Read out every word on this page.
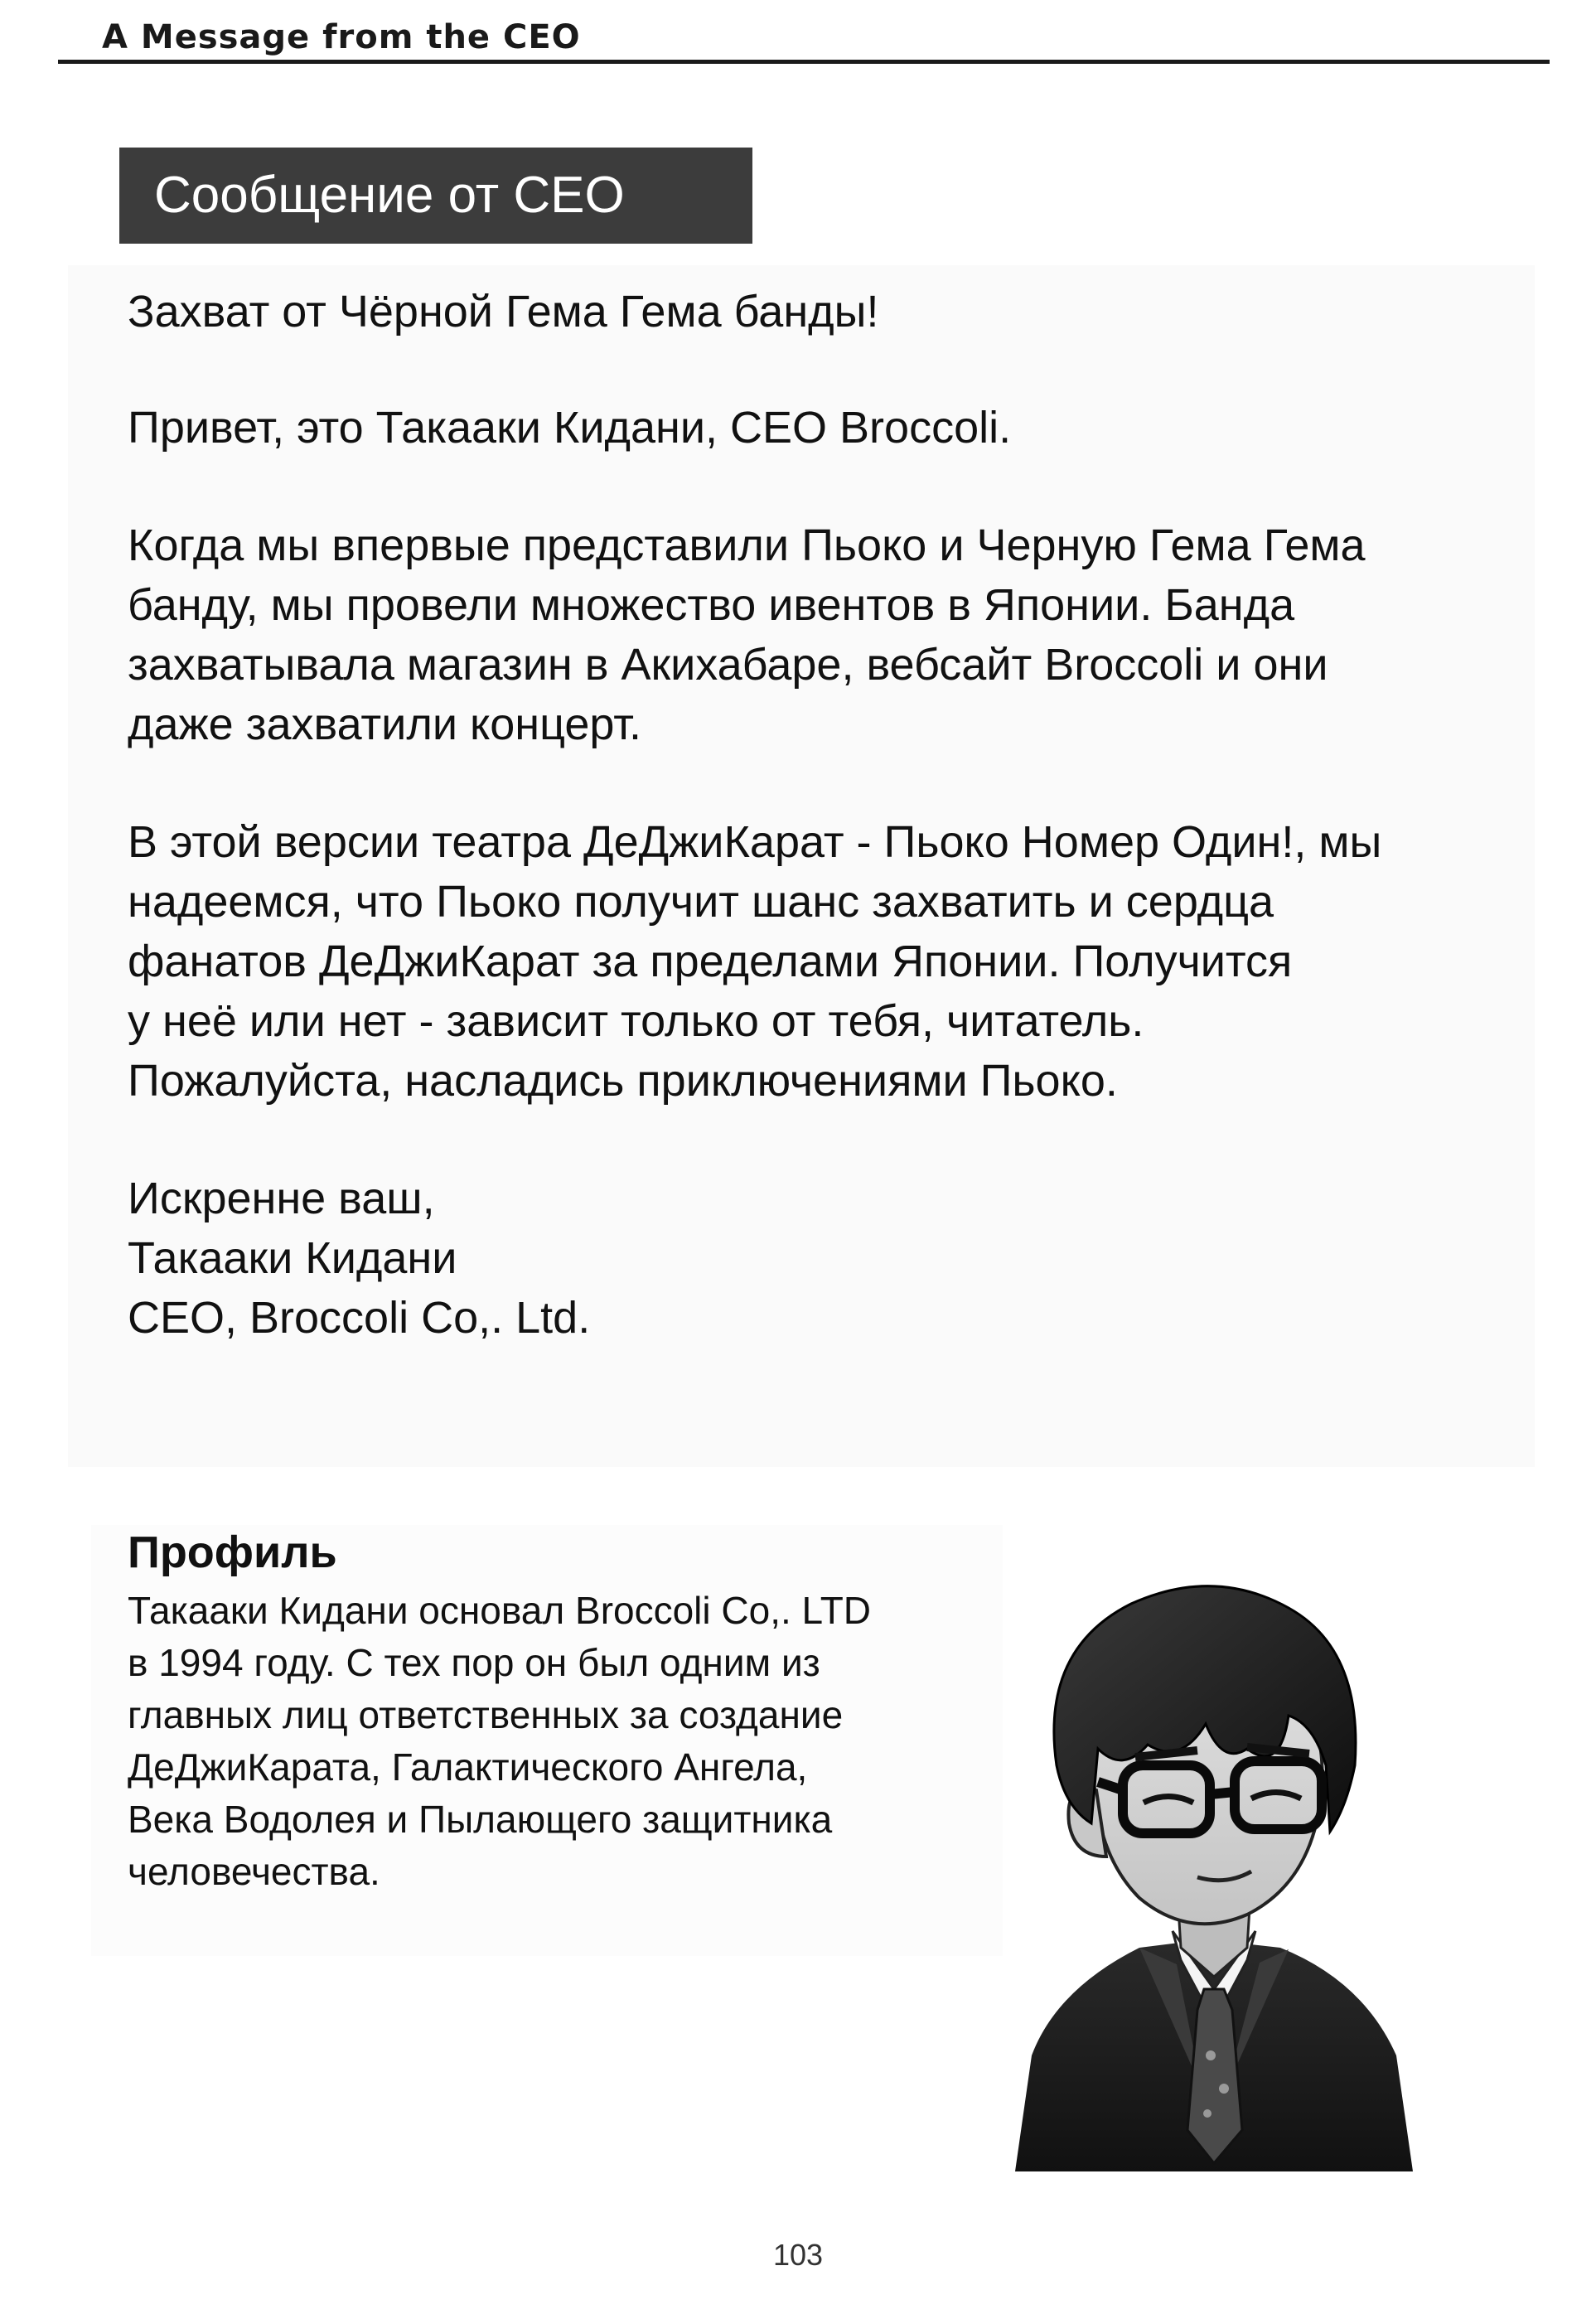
A Message from the CEO
Сообщение от CEO
Захват от Чёрной Гема Гема банды!
Привет, это Такааки Кидани, CEO Broccoli.
Когда мы впервые представили Пьоко и Черную Гема Гема
банду, мы провели множество ивентов в Японии. Банда
захватывала магазин в Акихабаре, вебсайт Broccoli и они
даже захватили концерт.
В этой версии театра ДеДжиКарат - Пьоко Номер Один!, мы
надеемся, что Пьоко получит шанс захватить и сердца
фанатов ДеДжиКарат за пределами Японии. Получится
у неё или нет - зависит только от тебя, читатель.
Пожалуйста, насладись приключениями Пьоко.
Искренне ваш,
Такааки Кидани
CEO, Broccoli Co,. Ltd.
Профиль
Такааки Кидани основал Broccoli Co,. LTD
в 1994 году. С тех пор он был одним из
главных лиц ответственных за создание
ДеДжиКарата, Галактического Ангела,
Века Водолея и Пылающего защитника
человечества.
103
